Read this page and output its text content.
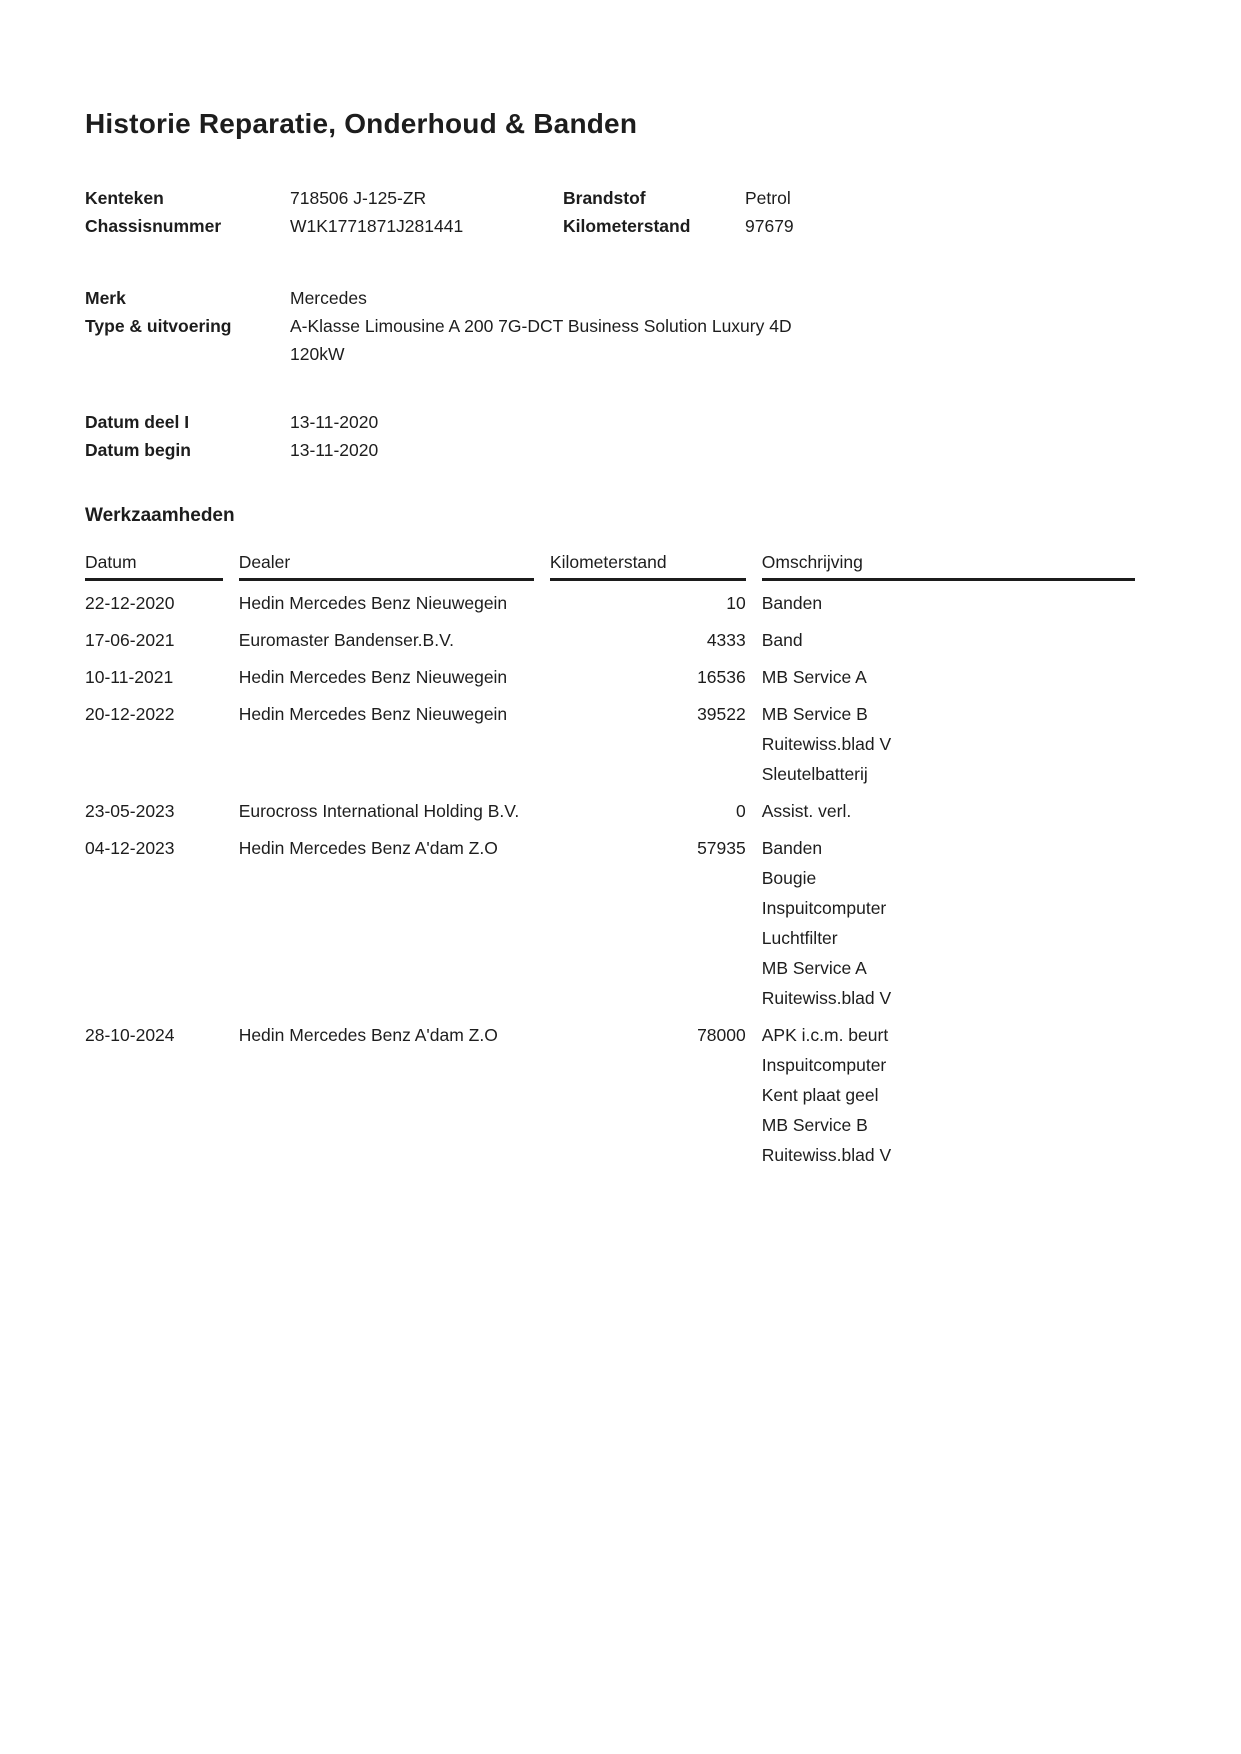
Historie Reparatie, Onderhoud & Banden
Kenteken	718506 J-125-ZR	Brandstof	Petrol
Chassisnummer	W1K1771871J281441	Kilometerstand	97679
Merk	Mercedes
Type & uitvoering	A-Klasse Limousine A 200 7G-DCT Business Solution Luxury 4D 120kW
Datum deel I	13-11-2020
Datum begin	13-11-2020
Werkzaamheden
Datum	Dealer	Kilometerstand	Omschrijving
22-12-2020	Hedin Mercedes Benz Nieuwegein	10	Banden

17-06-2021	Euromaster Bandenser.B.V.	4333	Band

10-11-2021	Hedin Mercedes Benz Nieuwegein	16536	MB Service A

20-12-2022	Hedin Mercedes Benz Nieuwegein	39522	MB Service B
Ruitewiss.blad V
Sleutelbatterij

23-05-2023	Eurocross International Holding B.V.	0	Assist. verl.

04-12-2023	Hedin Mercedes Benz A'dam Z.O	57935	Banden
Bougie
Inspuitcomputer
Luchtfilter
MB Service A
Ruitewiss.blad V

28-10-2024	Hedin Mercedes Benz A'dam Z.O	78000	APK i.c.m. beurt
Inspuitcomputer
Kent plaat geel
MB Service B
Ruitewiss.blad V
